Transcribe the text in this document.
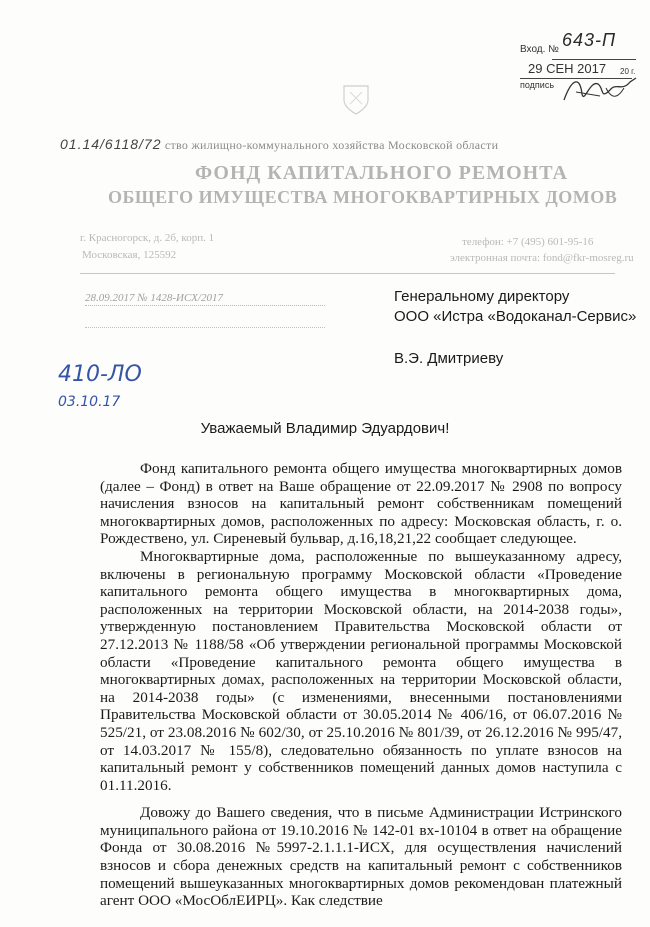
Вход. № 643-П
29 СЕН 2017 20 г.
подпись
01.14/6118/72 ство жилищно-коммунального хозяйства Московской области
ФОНД КАПИТАЛЬНОГО РЕМОНТА
ОБЩЕГО ИМУЩЕСТВА МНОГОКВАРТИРНЫХ ДОМОВ
г. Красногорск, д. 2б, корп. 1
Московская, 125592
телефон: +7 (495) 601-95-16
электронная почта: fond@fkr-mosreg.ru
28.09.2017 № 1428-ИСХ/2017
410-ЛО
03.10.17
Генеральному директору
ООО «Истра «Водоканал-Сервис»
В.Э. Дмитриеву
Уважаемый Владимир Эдуардович!

Фонд капитального ремонта общего имущества многоквартирных домов (далее – Фонд) в ответ на Ваше обращение от 22.09.2017 № 2908 по вопросу начисления взносов на капитальный ремонт собственникам помещений многоквартирных домов, расположенных по адресу: Московская область, г. о. Рождествено, ул. Сиреневый бульвар, д.16,18,21,22 сообщает следующее.

Многоквартирные дома, расположенные по вышеуказанному адресу, включены в региональную программу Московской области «Проведение капитального ремонта общего имущества в многоквартирных дома, расположенных на территории Московской области, на 2014-2038 годы», утвержденную постановлением Правительства Московской области от 27.12.2013 № 1188/58 «Об утверждении региональной программы Московской области «Проведение капитального ремонта общего имущества в многоквартирных домах, расположенных на территории Московской области, на 2014-2038 годы» (с изменениями, внесенными постановлениями Правительства Московской области от 30.05.2014 № 406/16, от 06.07.2016 № 525/21, от 23.08.2016 № 602/30, от 25.10.2016 № 801/39, от 26.12.2016 № 995/47, от 14.03.2017 № 155/8), следовательно обязанность по уплате взносов на капитальный ремонт у собственников помещений данных домов наступила с 01.11.2016.

Довожу до Вашего сведения, что в письме Администрации Истринского муниципального района от 19.10.2016 № 142-01 вх-10104 в ответ на обращение Фонда от 30.08.2016 №5997-2.1.1.1-ИСХ, для осуществления начислений взносов и сбора денежных средств на капитальный ремонт с собственников помещений вышеуказанных многоквартирных домов рекомендован платежный агент ООО «МосОблЕИРЦ». Как следствие
